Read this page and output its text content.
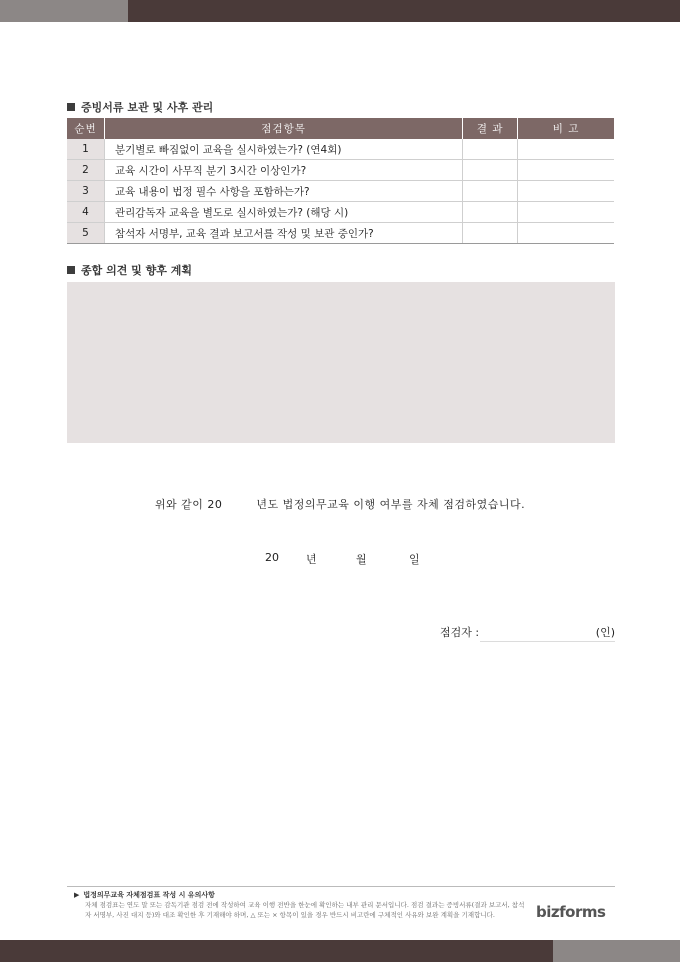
증빙서류 보관 및 사후 관리
순번	점검항목	결 과	비 고
1	분기별로 빠짐없이 교육을 실시하였는가? (연4회)		
2	교육 시간이 사무직 분기 3시간 이상인가?		
3	교육 내용이 법정 필수 사항을 포함하는가?		
4	관리감독자 교육을 별도로 실시하였는가? (해당 시)		
5	참석자 서명부, 교육 결과 보고서를 작성 및 보관 중인가?		
종합 의견 및 향후 계획
위와 같이 20	년도 법정의무교육 이행 여부를 자체 점검하였습니다.
20 년	월	일
점검자 :	(인)
▶ 법정의무교육 자체점검표 작성 시 유의사항
자체 점검표는 연도 말 또는 감독기관 점검 전에 작성하여 교육 이행 전반을 한눈에 확인하는 내부 관리 문서입니다. 점검 결과는 증빙서류(결과 보고서, 참석자 서명부, 사진 대지 등)와 대조 확인한 후 기재해야 하며, △ 또는 × 항목이 있을 경우 반드시 비고란에 구체적인 사유와 보완 계획을 기재합니다.	bizforms
